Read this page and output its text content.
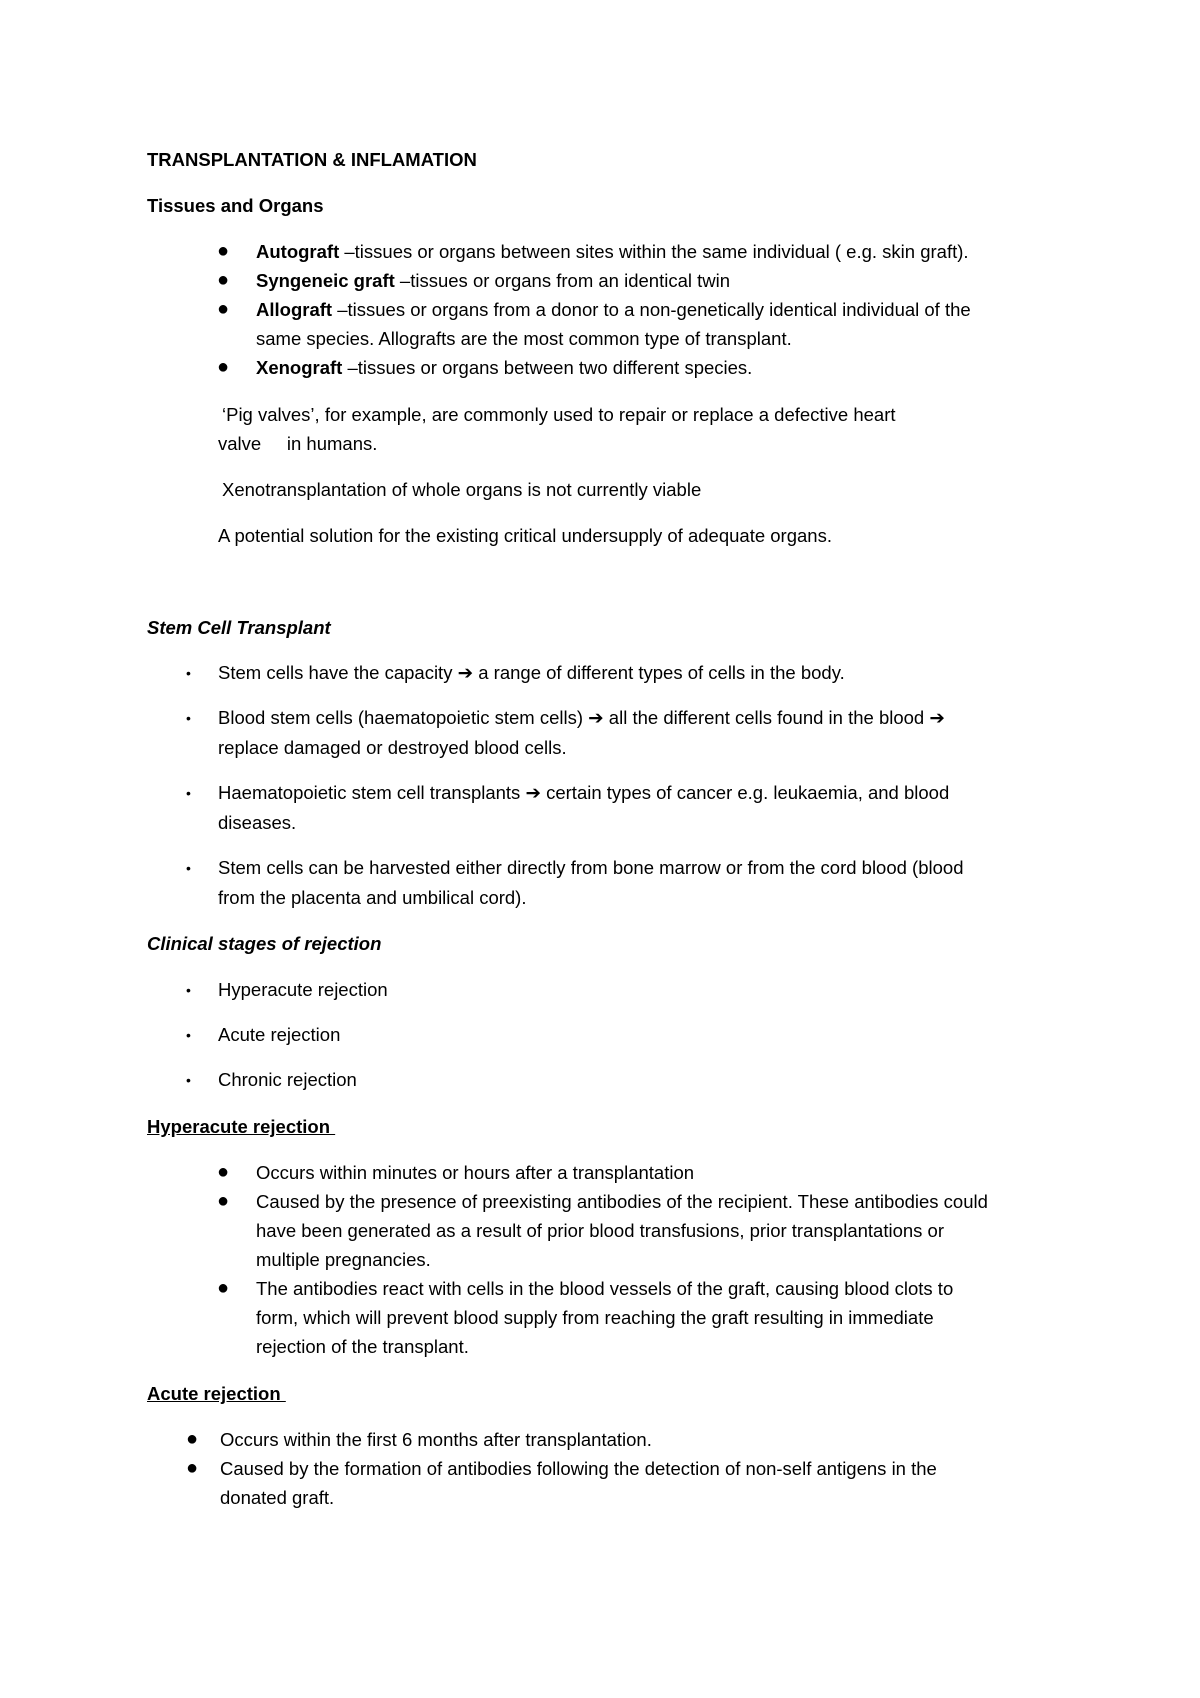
TRANSPLANTATION & INFLAMATION
Tissues and Organs
● Autograft –tissues or organs between sites within the same individual ( e.g. skin graft).
● Syngeneic graft –tissues or organs from an identical twin
● Allograft –tissues or organs from a donor to a non-genetically identical individual of the
same species. Allografts are the most common type of transplant.
● Xenograft –tissues or organs between two different species.
‘Pig valves’, for example, are commonly used to repair or replace a defective heart
valve     in humans.
Xenotransplantation of whole organs is not currently viable
A potential solution for the existing critical undersupply of adequate organs.
Stem Cell Transplant
• Stem cells have the capacity ➔ a range of different types of cells in the body.
• Blood stem cells (haematopoietic stem cells) ➔ all the different cells found in the blood ➔
replace damaged or destroyed blood cells.
• Haematopoietic stem cell transplants ➔ certain types of cancer e.g. leukaemia, and blood
diseases.
• Stem cells can be harvested either directly from bone marrow or from the cord blood (blood
from the placenta and umbilical cord).
Clinical stages of rejection
• Hyperacute rejection
• Acute rejection
• Chronic rejection
Hyperacute rejection
● Occurs within minutes or hours after a transplantation
● Caused by the presence of preexisting antibodies of the recipient. These antibodies could
have been generated as a result of prior blood transfusions, prior transplantations or
multiple pregnancies.
● The antibodies react with cells in the blood vessels of the graft, causing blood clots to
form, which will prevent blood supply from reaching the graft resulting in immediate
rejection of the transplant.
Acute rejection
● Occurs within the first 6 months after transplantation.
● Caused by the formation of antibodies following the detection of non-self antigens in the
donated graft.
